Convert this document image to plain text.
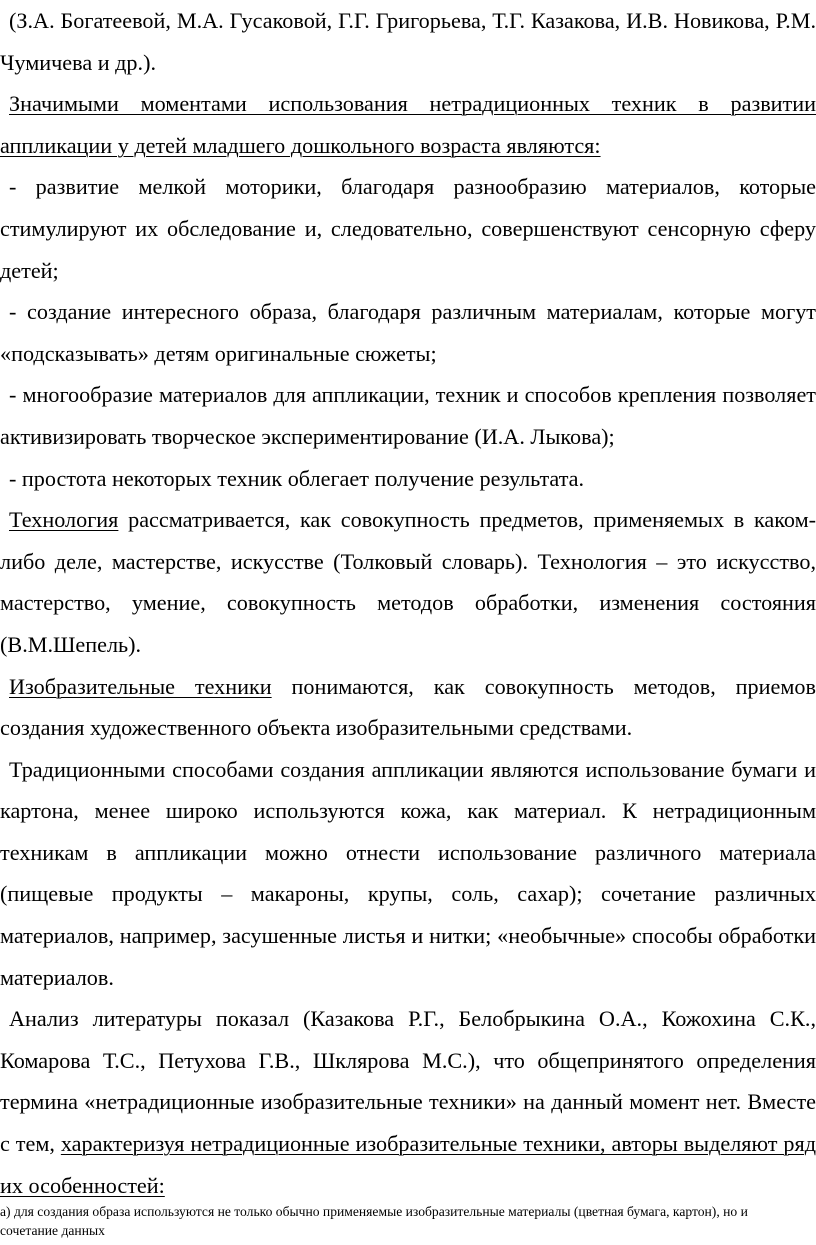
(З.А. Богатеевой, М.А. Гусаковой, Г.Г. Григорьева, Т.Г. Казакова, И.В. Новикова, Р.М. Чумичева и др.).

Значимыми моментами использования нетрадиционных техник в развитии аппликации у детей младшего дошкольного возраста являются:

- развитие мелкой моторики, благодаря разнообразию материалов, которые стимулируют их обследование и, следовательно, совершенствуют сенсорную сферу детей;

- создание интересного образа, благодаря различным материалам, которые могут «подсказывать» детям оригинальные сюжеты;

- многообразие материалов для аппликации, техник и способов крепления позволяет активизировать творческое экспериментирование (И.А. Лыкова);

- простота некоторых техник облегает получение результата.

Технология рассматривается, как совокупность предметов, применяемых в каком-либо деле, мастерстве, искусстве (Толковый словарь). Технология – это искусство, мастерство, умение, совокупность методов обработки, изменения состояния (В.М.Шепель).

Изобразительные техники понимаются, как совокупность методов, приемов создания художественного объекта изобразительными средствами.

Традиционными способами создания аппликации являются использование бумаги и картона, менее широко используются кожа, как материал. К нетрадиционным техникам в аппликации можно отнести использование различного материала (пищевые продукты – макароны, крупы, соль, сахар); сочетание различных материалов, например, засушенные листья и нитки; «необычные» способы обработки материалов.

Анализ литературы показал (Казакова Р.Г., Белобрыкина О.А., Кожохина С.К., Комарова Т.С., Петухова Г.В., Шклярова М.С.), что общепринятого определения термина «нетрадиционные изобразительные техники» на данный момент нет. Вместе с тем, характеризуя нетрадиционные изобразительные техники, авторы выделяют ряд их особенностей:

а) для создания образа используются не только обычно применяемые изобразительные материалы (цветная бумага, картон), но и сочетание данных
